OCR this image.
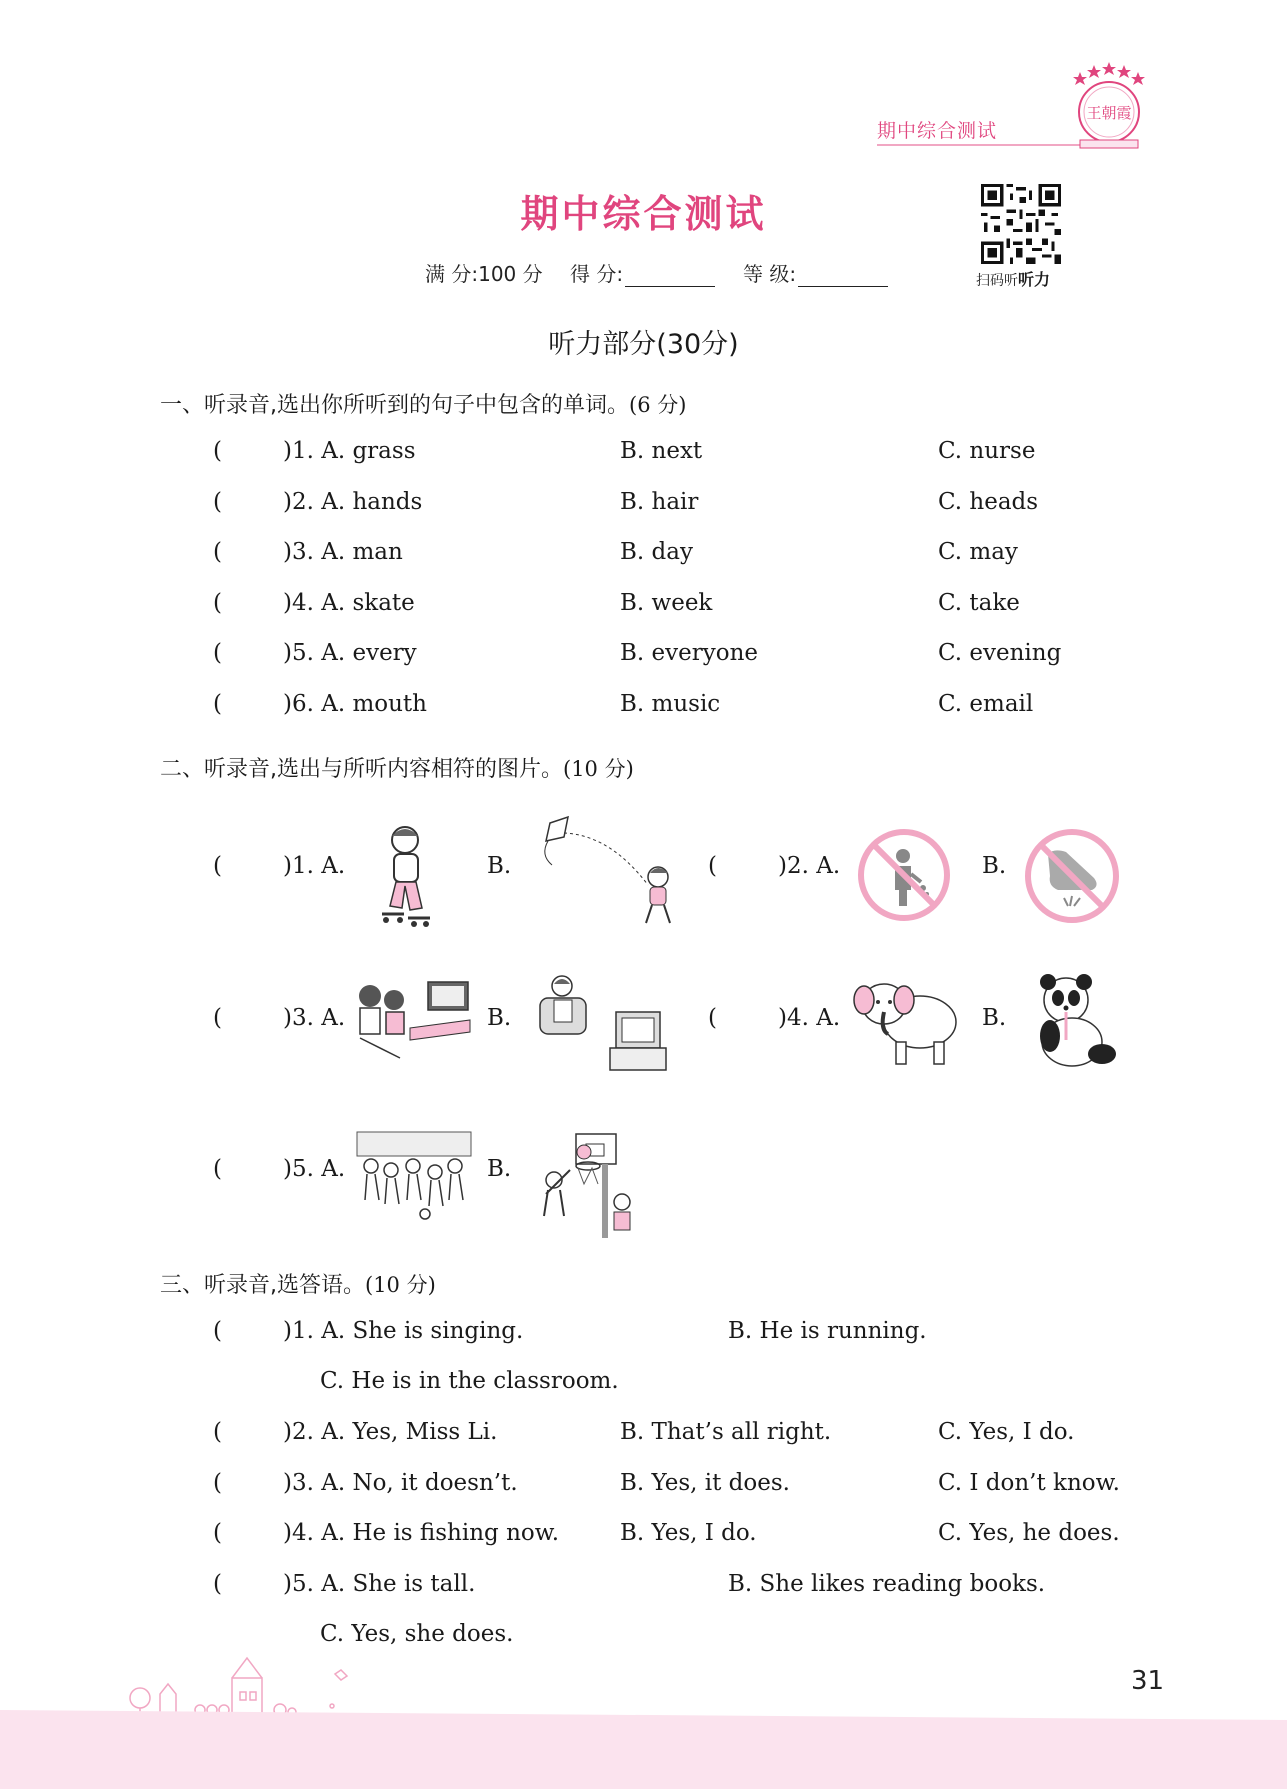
期中综合测试
王朝霞
期中综合测试
满 分:100 分 得 分:	等 级:	扫码听听力
听力部分(30分)
一、听录音,选出你所听到的句子中包含的单词。(6 分)
(	)1. A. grass	B. next	C. nurse
(	)2. A. hands	B. hair	C. heads
(	)3. A. man	B. day	C. may
(	)4. A. skate	B. week	C. take
(	)5. A. every	B. everyone	C. evening
(	)6. A. mouth	B. music	C. email
二、听录音,选出与所听内容相符的图片。(10 分)
(	)1. A.	B.	(	)2. A.	B.
(	)3. A.	B.	(	)4. A.	B.
(	)5. A.	B.
三、听录音,选答语。(10 分)
(	)1. A. She is singing.	B. He is running.
C. He is in the classroom.
(	)2. A. Yes, Miss Li.	B. That’s all right.	C. Yes, I do.
(	)3. A. No, it doesn’t.	B. Yes, it does.	C. I don’t know.
(	)4. A. He is fishing now.	B. Yes, I do.	C. Yes, he does.
(	)5. A. She is tall.	B. She likes reading books.
C. Yes, she does.
31
